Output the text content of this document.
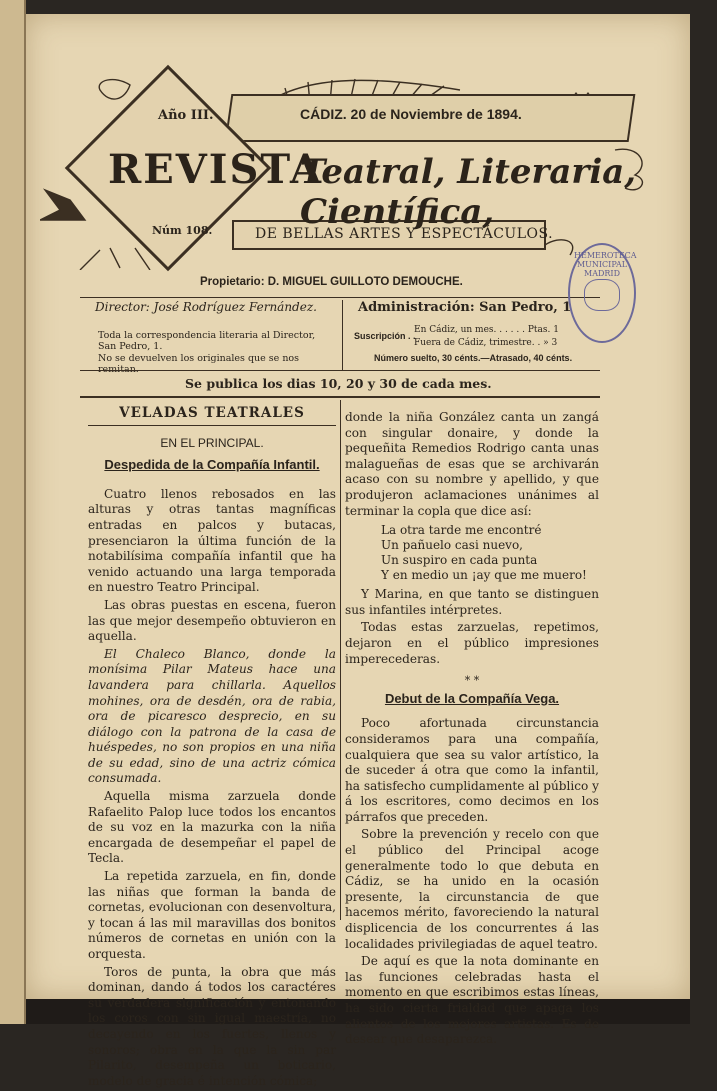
Año III.	CÁDIZ. 20 de Noviembre de 1894.
REVISTA
Teatral, Literaria, Científica,
Núm 108.	DE BELLAS ARTES Y ESPECTÁCULOS.
Propietario: D. MIGUEL GUILLOTO DEMOUCHE.
Director: José Rodríguez Fernández.
Toda la correspondencia literaria al Director, San Pedro, 1.
No se devuelven los originales que se nos remitan.
Administración: San Pedro, 1
Suscripción . .
En Cádiz, un mes. . . . . . Ptas. 1
Fuera de Cádiz, trimestre. . » 3
Número suelto, 30 cénts.—Atrasado, 40 cénts.
Se publica los dias 10, 20 y 30 de cada mes.
HEMEROTECA MUNICIPAL MADRID
VELADAS TEATRALES
EN EL PRINCIPAL.
Despedida de la Compañía Infantil.

Cuatro llenos rebosados en las alturas y otras tantas magníficas entradas en palcos y butacas, presenciaron la última función de la notabilísima compañía infantil que ha venido actuando una larga temporada en nuestro Teatro Principal.

Las obras puestas en escena, fueron las que mejor desempeño obtuvieron en aquella.

El Chaleco Blanco, donde la monísima Pilar Mateus hace una lavandera para chillarla. Aquellos mohines, ora de desdén, ora de rabia, ora de picaresco desprecio, en su diálogo con la patrona de la casa de huéspedes, no son propios en una niña de su edad, sino de una actriz cómica consumada.

Aquella misma zarzuela donde Rafaelito Palop luce todos los encantos de su voz en la mazurka con la niña encargada de desempeñar el papel de Tecla.

La repetida zarzuela, en fin, donde las niñas que forman la banda de cornetas, evolucionan con desenvoltura, y tocan á las mil maravillas dos bonitos números de cornetas en unión con la orquesta.

Toros de punta, la obra que más dominan, dando á todos los caractéres su verdadera significación y entonando los coros con sin igual maestría, no decayendo en los fuertes, llenos y sonoros; obra en la que la sin par Pilarito, desempeña un boticario, modelo de gracia é intención cómica;

donde la niña González canta un zangá con singular donaire, y donde la pequeñita Remedios Rodrigo canta unas malagueñas de esas que se archivarán acaso con su nombre y apellido, y que produjeron aclamaciones unánimes al terminar la copla que dice así:

La otra tarde me encontré
Un pañuelo casi nuevo,
Un suspiro en cada punta
Y en medio un ¡ay que me muero!

Y Marina, en que tanto se distinguen sus infantiles intérpretes.

Todas estas zarzuelas, repetimos, dejaron en el público impresiones imperecederas.

* *
Debut de la Compañía Vega.

Poco afortunada circunstancia consideramos para una compañía, cualquiera que sea su valor artístico, la de suceder á otra que como la infantil, ha satisfecho cumplidamente al público y á los escritores, como decimos en los párrafos que preceden.

Sobre la prevención y recelo con que el público del Principal acoge generalmente todo lo que debuta en Cádiz, se ha unido en la ocasión presente, la circunstancia de que hacemos mérito, favoreciendo la natural displicencia de los concurrentes á las localidades privilegiadas de aquel teatro.

De aquí es que la nota dominante en las funciones celebradas hasta el momento en que escribimos estas líneas, ha sido cierta frialdad que apaga los alientos de los mejores artistas. Es de desear que desaparezca.
